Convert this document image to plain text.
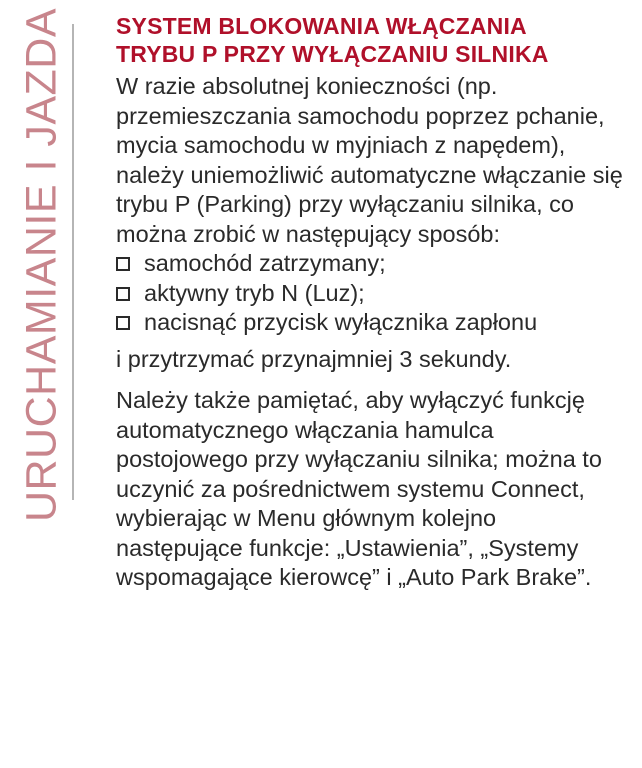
URUCHAMIANIE I JAZDA SYSTEM BLOKOWANIA WŁĄCZANIA
TRYBU P PRZY WYŁĄCZANIU SILNIKA

W razie absolutnej konieczności (np. przemieszczania samochodu poprzez pchanie, mycia samochodu w myjniach z napędem), należy uniemożliwić automatyczne włączanie się trybu P (Parking) przy wyłączaniu silnika, co można zrobić w następujący sposób:

samochód zatrzymany;
aktywny tryb N (Luz);
nacisnąć przycisk wyłącznika zapłonu
i przytrzymać przynajmniej 3 sekundy.

Należy także pamiętać, aby wyłączyć funkcję automatycznego włączania hamulca postojowego przy wyłączaniu silnika; można to uczynić za pośrednictwem systemu Connect, wybierając w Menu głównym kolejno następujące funkcje: „Ustawienia”, „Systemy wspomagające kierowcę” i „Auto Park Brake”.
